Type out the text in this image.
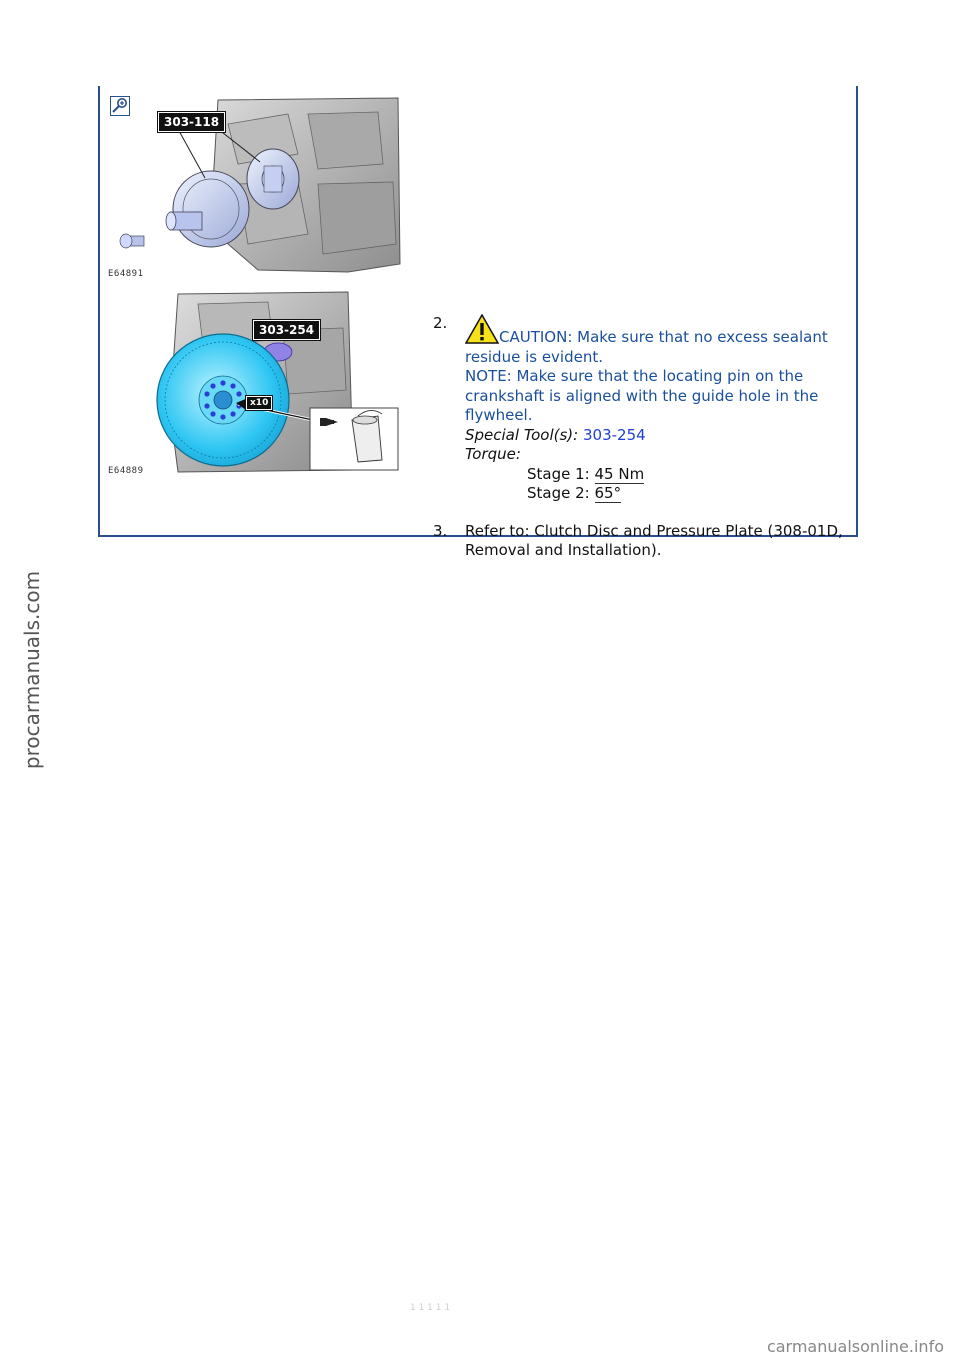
303-118
E64891
303-254
x10
E64889
2.
CAUTION: Make sure that no excess sealant residue is evident.
NOTE: Make sure that the locating pin on the crankshaft is aligned with the guide hole in the flywheel.
Special Tool(s): 303-254
Torque:
Stage 1: 45 Nm
Stage 2: 65°
3. Refer to: Clutch Disc and Pressure Plate (308-01D, Removal and Installation).
1 1 1 1 1
procarmanuals.com
carmanualsonline.info
